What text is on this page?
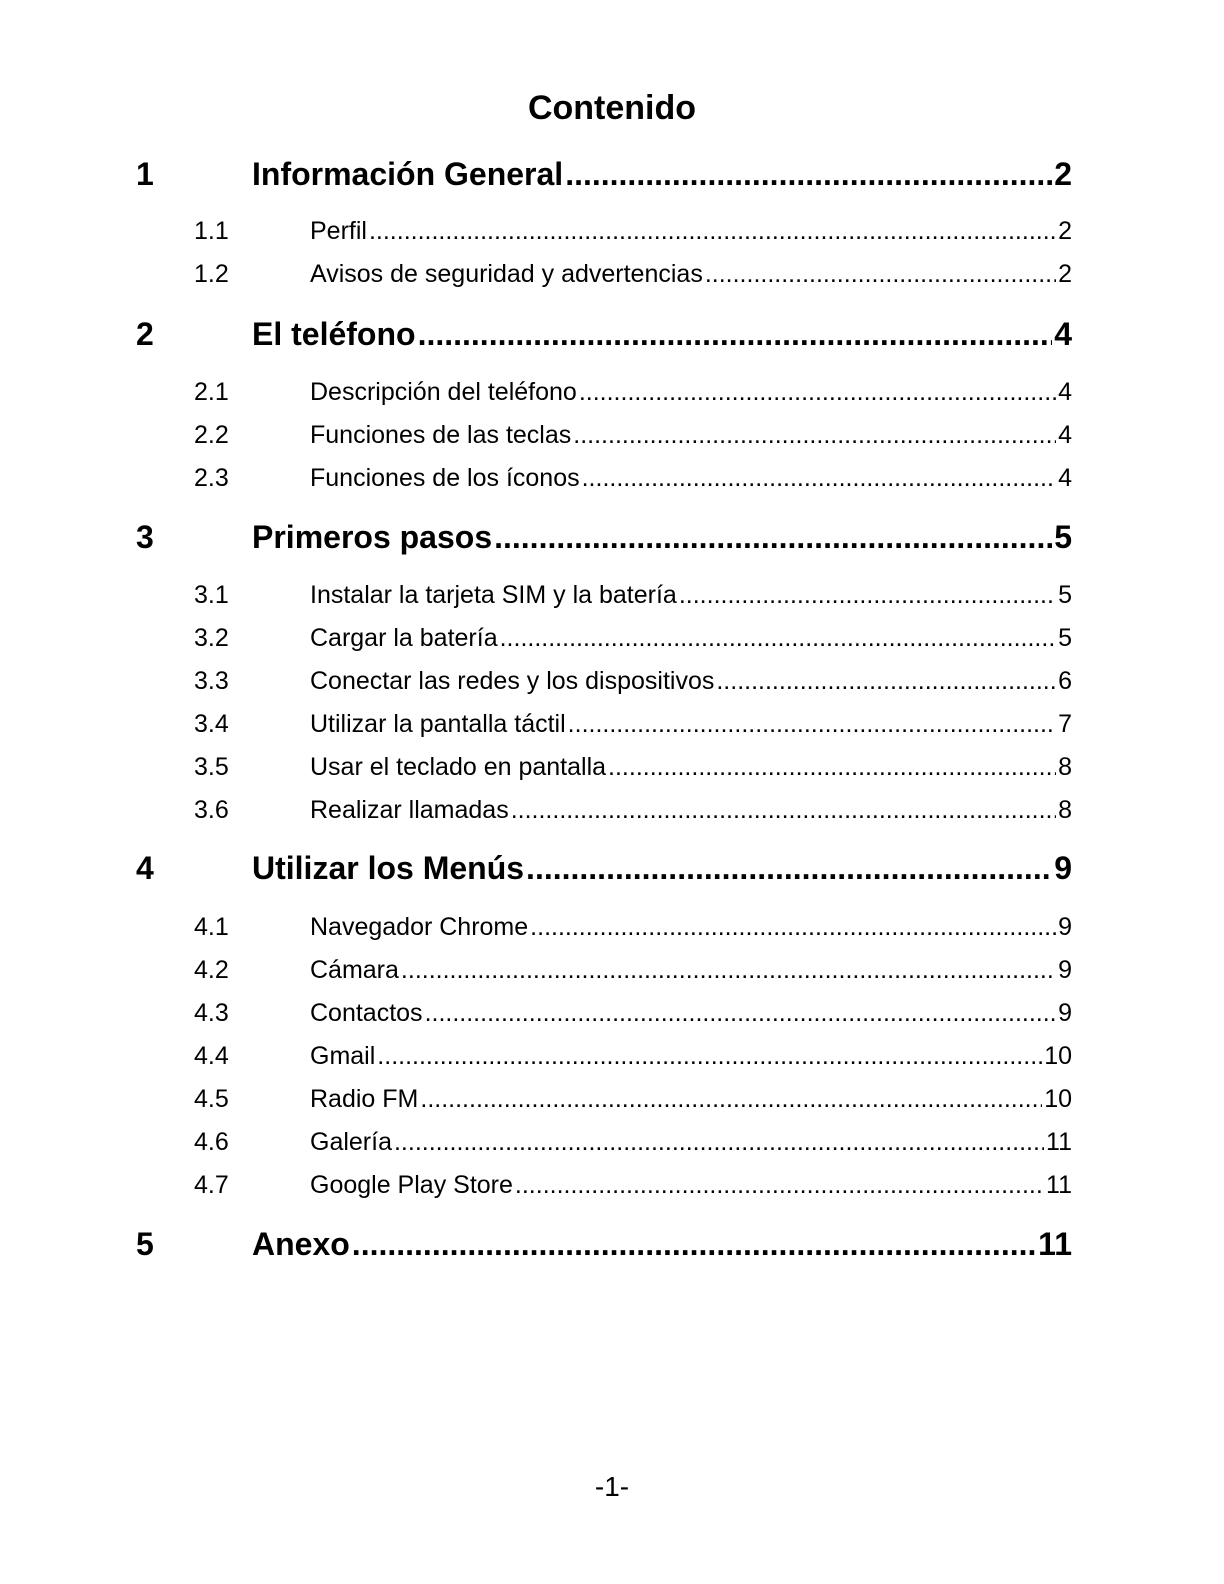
Contenido
1	Información General .....	2
1.1	Perfil .....	2
1.2	Avisos de seguridad y advertencias .....	2
2	El teléfono .....	4
2.1	Descripción del teléfono .....	4
2.2	Funciones de las teclas .....	4
2.3	Funciones de los íconos .....	4
3	Primeros pasos .....	5
3.1	Instalar la tarjeta SIM y la batería .....	5
3.2	Cargar la batería .....	5
3.3	Conectar las redes y los dispositivos .....	6
3.4	Utilizar la pantalla táctil .....	7
3.5	Usar el teclado en pantalla .....	8
3.6	Realizar llamadas .....	8
4	Utilizar los Menús .....	9
4.1	Navegador Chrome .....	9
4.2	Cámara .....	9
4.3	Contactos .....	9
4.4	Gmail .....	10
4.5	Radio FM .....	10
4.6	Galería .....	11
4.7	Google Play Store .....	11
5	Anexo .....	11
-1-
